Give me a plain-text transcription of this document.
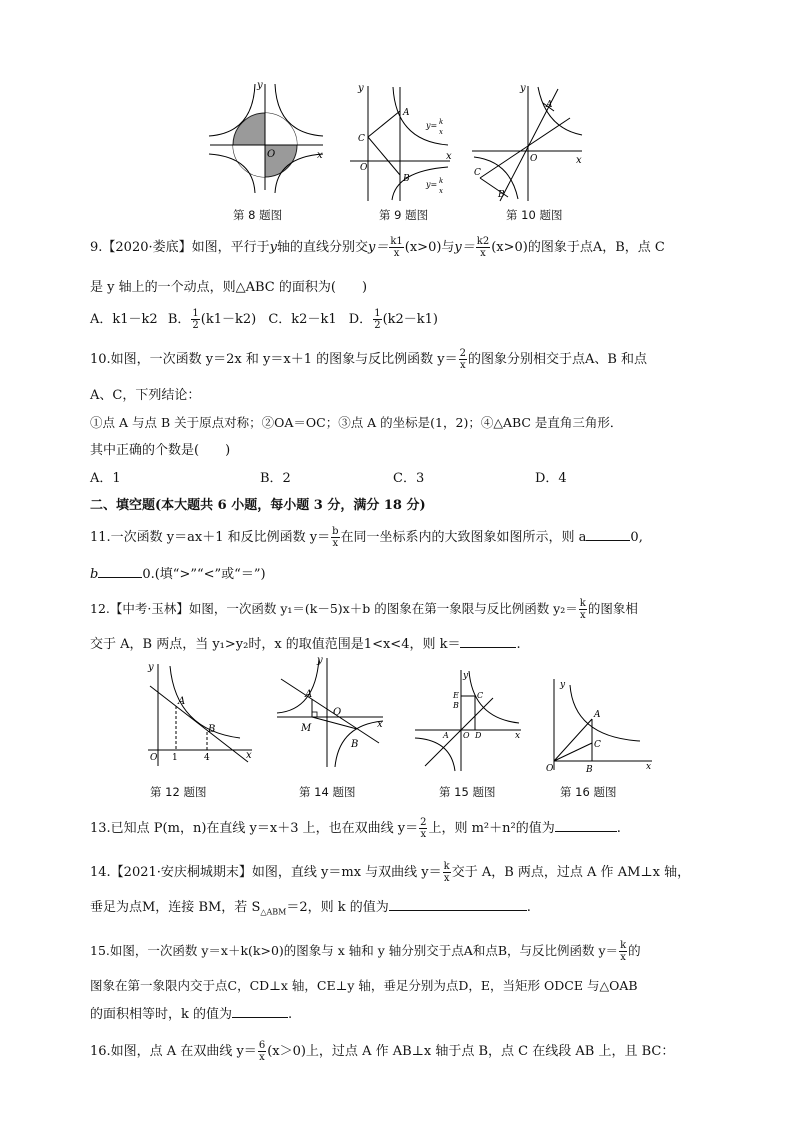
y
x
O
第 8 题图
y
x
O
C
A
B
y= k
x
y= k
x
第 9 题图
y
x
O
A
C
B
第 10 题图
9.【2020·娄底】如图，平行于y轴的直线分别交$y= \frac{k1}{x} (x>0)$与$y= \frac{k2}{x} (x>0)$的图象于点A，B，点 C
是 y 轴上的一个动点，则△ABC 的面积为(　　)
A．k1－k2 B． $\frac{1}{2} (k1-k2)$ C．k2－k1 D． $\frac{1}{2} (k2-k1)$
10.如图，一次函数 y＝2x 和 y＝x＋1 的图象与反比例函数 $y= \frac{2}{x}$ 的图象分别相交于点A、B 和点
A、C，下列结论：
①点 A 与点 B 关于原点对称；②OA＝OC；③点 A 的坐标是(1，2)；④△ABC 是直角三角形．
其中正确的个数是(　　)
A．1	B．2	C．3	D．4
二、填空题(本大题共 6 小题，每小题 3 分，满分 18 分)
11.一次函数 y＝ax＋1 和反比例函数 $y= \frac{b}{x}$ 在同一坐标系内的大致图象如图所示，则 a	0,
b	0.(填“>”“<”或“＝”)
12.【中考·玉林】如图，一次函数 y₁＝(k－5)x＋b 的图象在第一象限与反比例函数 $y_2= \frac{k}{x}$ 的图象相
交于 A，B 两点，当 y₁>y₂时，x 的取值范围是1<x<4，则 k＝	.
y
x
O 1	4
A
B
第 12 题图
y
x
O
A
M
B
第 14 题图
y
x
E
B
C
A O D
第 15 题图
y
x
O
A
C
B
第 16 题图
13.已知点 P(m，n)在直线 y＝x＋3 上，也在双曲线 $y= \frac{2}{x}$ 上，则 m²＋n²的值为	.
14.【2021·安庆桐城期末】如图，直线 y＝mx 与双曲线 $y= \frac{k}{x}$ 交于 A，B 两点，过点 A 作 AM⊥x 轴，
垂足为点M，连接 BM，若 $S_{\triangle ABM}=2$，则 k 的值为	.
15.如图，一次函数 y＝x＋k(k>0)的图象与 x 轴和 y 轴分别交于点A和点B，与反比例函数 $y= \frac{k}{x}$ 的
图象在第一象限内交于点C，CD⊥x 轴，CE⊥y 轴，垂足分别为点D，E，当矩形 ODCE 与△OAB
的面积相等时，k 的值为	.
16.如图，点 A 在双曲线 $y= \frac{6}{x} (x>0)$上，过点 A 作 AB⊥x 轴于点 B，点 C 在线段 AB 上，且 BC：
